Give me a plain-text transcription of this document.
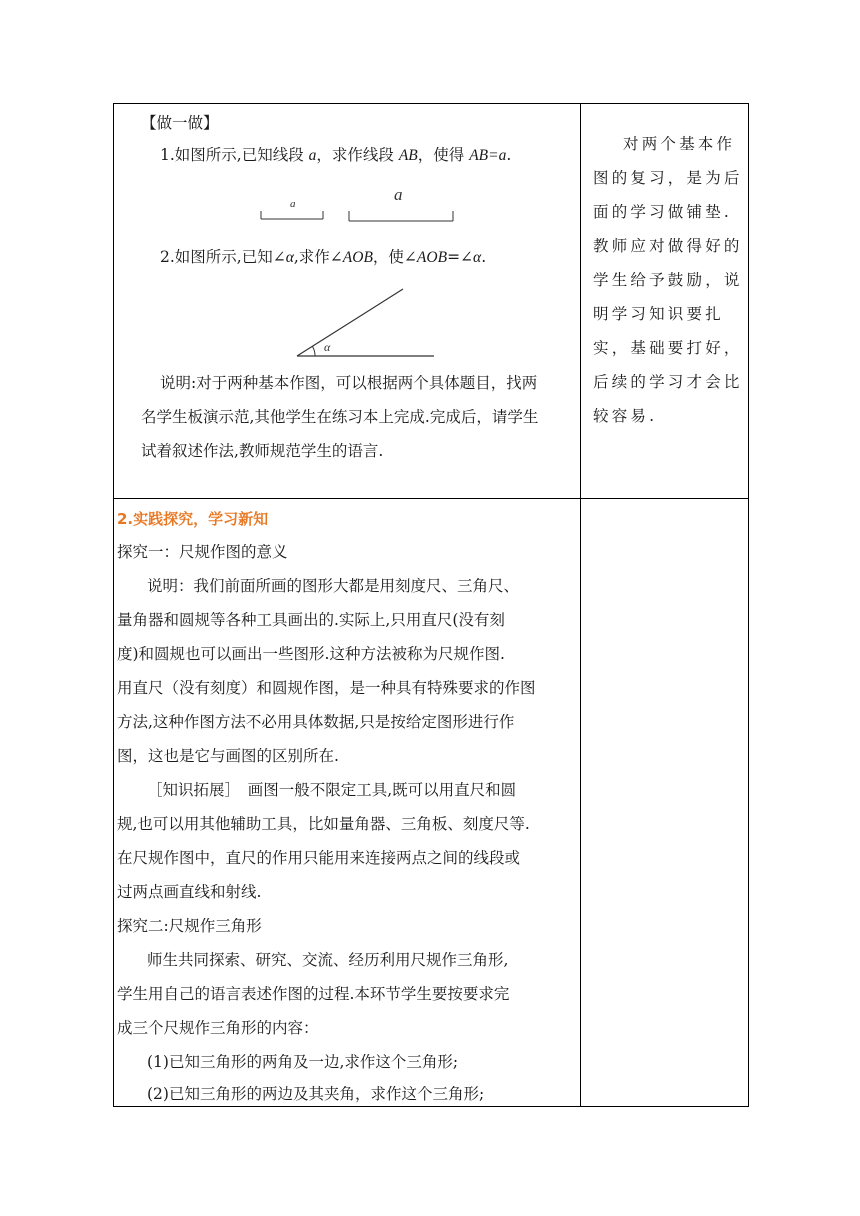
【做一做】
1.如图所示,已知线段 a，求作线段 AB，使得 AB=a.
a	a
2.如图所示,已知∠α,求作∠AOB，使∠AOB=∠α.
α
说明:对于两种基本作图，可以根据两个具体题目，找两
名学生板演示范,其他学生在练习本上完成.完成后，请学生
试着叙述作法,教师规范学生的语言.
对两个基本作图的复习，是为后面的学习做铺垫.教师应对做得好的学生给予鼓励，说明学习知识要扎实，基础要打好，后续的学习才会比较容易.
2.实践探究，学习新知
探究一：尺规作图的意义
说明：我们前面所画的图形大都是用刻度尺、三角尺、
量角器和圆规等各种工具画出的.实际上,只用直尺(没有刻
度)和圆规也可以画出一些图形.这种方法被称为尺规作图.
用直尺（没有刻度）和圆规作图，是一种具有特殊要求的作图
方法,这种作图方法不必用具体数据,只是按给定图形进行作
图，这也是它与画图的区别所在.
［知识拓展］　画图一般不限定工具,既可以用直尺和圆
规,也可以用其他辅助工具，比如量角器、三角板、刻度尺等.
在尺规作图中，直尺的作用只能用来连接两点之间的线段或
过两点画直线和射线.
探究二:尺规作三角形
师生共同探索、研究、交流、经历利用尺规作三角形,
学生用自己的语言表述作图的过程.本环节学生要按要求完
成三个尺规作三角形的内容：
(1)已知三角形的两角及一边,求作这个三角形;
(2)已知三角形的两边及其夹角，求作这个三角形;
